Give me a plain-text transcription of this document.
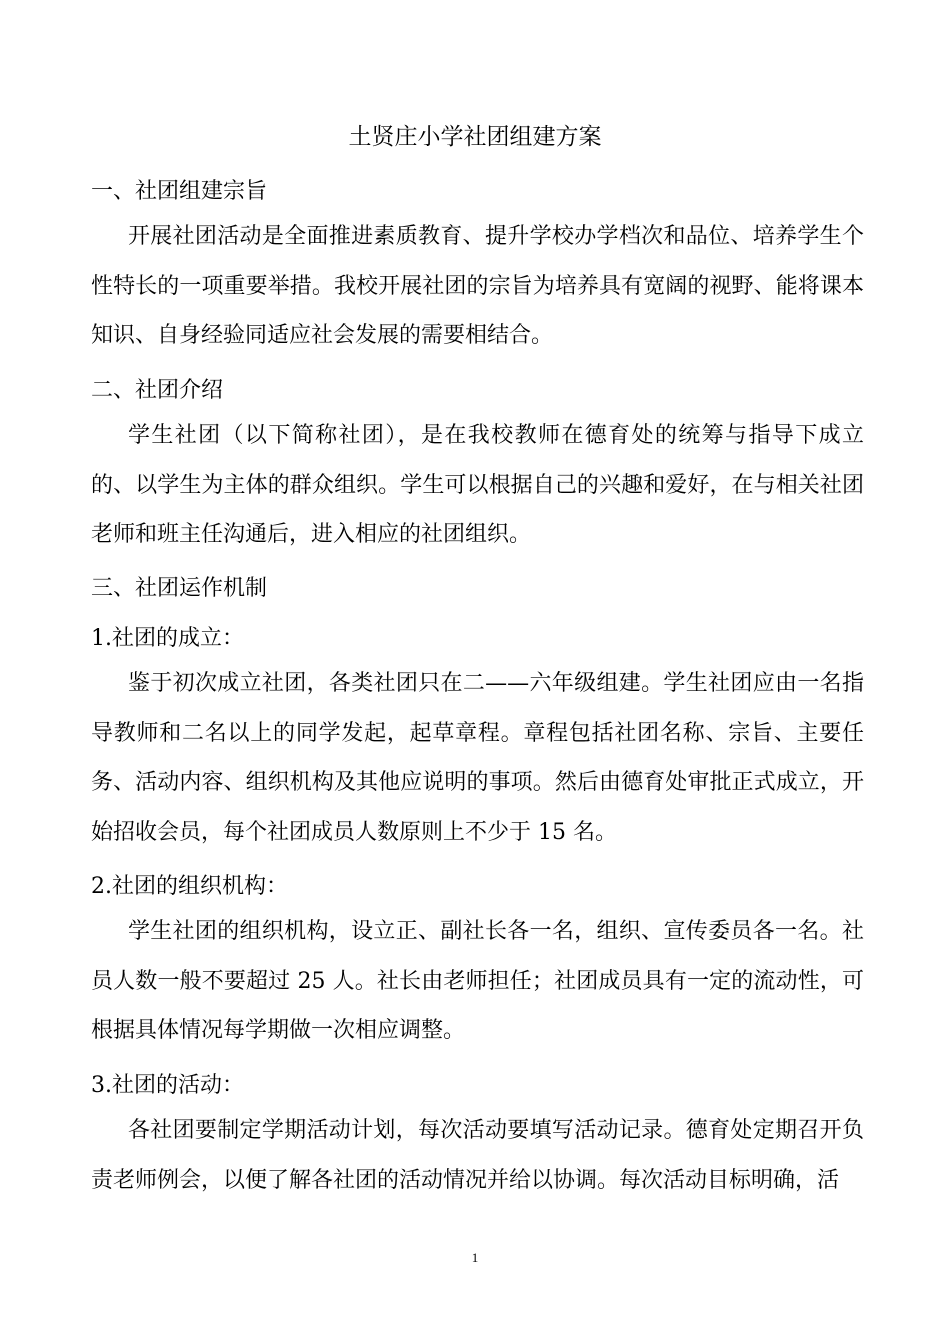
土贤庄小学社团组建方案
一、社团组建宗旨
开展社团活动是全面推进素质教育、提升学校办学档次和品位、培养学生个性特长的一项重要举措。我校开展社团的宗旨为培养具有宽阔的视野、能将课本知识、自身经验同适应社会发展的需要相结合。
二、社团介绍
学生社团（以下简称社团），是在我校教师在德育处的统筹与指导下成立的、以学生为主体的群众组织。学生可以根据自己的兴趣和爱好，在与相关社团老师和班主任沟通后，进入相应的社团组织。
三、社团运作机制
1.社团的成立：
鉴于初次成立社团，各类社团只在二——六年级组建。学生社团应由一名指导教师和二名以上的同学发起，起草章程。章程包括社团名称、宗旨、主要任务、活动内容、组织机构及其他应说明的事项。然后由德育处审批正式成立，开始招收会员，每个社团成员人数原则上不少于 15 名。
2.社团的组织机构：
学生社团的组织机构，设立正、副社长各一名，组织、宣传委员各一名。社员人数一般不要超过 25 人。社长由老师担任；社团成员具有一定的流动性，可根据具体情况每学期做一次相应调整。
3.社团的活动：
各社团要制定学期活动计划，每次活动要填写活动记录。德育处定期召开负责老师例会，以便了解各社团的活动情况并给以协调。每次活动目标明确，活
1
